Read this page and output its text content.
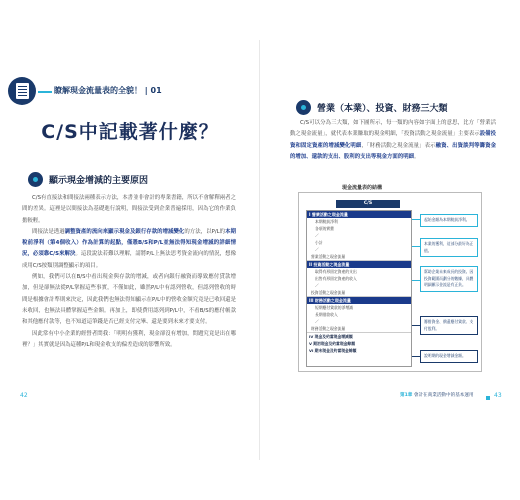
瞭解現金流量表的全貌！ | 01
C/S中記載著什麼？
顯示現金增減的主要原因

C/S有直接法和間接法兩種表示方法，本書並非會計的專業書籍，所以不會解釋兩者之間的差異。這裡是以間接法為基礎進行說明，間接法受到企業普遍採用，因為它的作業負擔較輕。

間接法是透過調整資產的流向來顯示現金及銀行存款的增減變化的方法，以P/L的本期稅前淨利（第4個收入）作為計算的起點，僅憑B/S和P/L並無法得知現金增減的詳細情況，必須靠C/S來解決。這段說法若難以理解，請將P/L上無法思考資金流向的情況，想像成用C/S按類別調整顯示的項目。

例如，我們可以在B/S中看出現金與存款的增減，或者向銀行融資而導致應付貸款增加，但是卻無法從P/L掌握這些事實，不僅如此，雖然P/L中有認列營收，但認列營收的時間是根據會計準則來決定，因此我們也無法得知顯示在P/L中的營收金額究竟是已收回還是未收回，也無法具體掌握這些金額。再加上，即使費用認列到P/L中，不看B/S的應付帳款和其他應付款等，也不知道這筆錢是否已經支付完畢、還是要到未來才要支付。

因此常有中小企業的經營者問我：「明明有獲利，現金卻沒有增加，問題究竟是出在哪裡？」其實就是因為這種P/L和現金收支的偏差造成的影響所致。

42
營業（本業）、投資、財務三大類

C/S可以分為三大類，如下圖所示，每一類的內容如字面上的意思，比方「營業活動之現金流量」，就代表本業賺取的現金明細，「投資活動之現金流量」主要表示設備投資和固定資產的增減變化明細，「財務活動之現金流量」表示融資、出資談判等籌資金的增加、還款的支出、股利的支出等現金方面的明細。

現金流量表的結構
C/S
I 營業活動之現金流量
本期稅前淨利
各項的實費
／
小計
／
營業活動之現金流量
II 投資活動之現金流量
取得有形固定資產的支出
出售有形固定資產的收入
／
投資活動之現金流量
III 財務活動之現金流量
短期應付貸款的淨增減
長期借款收入
／
財務活動之現金流量
IV 現金及約當現金增減額
V 期初現金及約當現金餘額
VI 期末現金及約當現金餘額
起始金額為本期稅前淨利。
本業的獲利，這部分最好為正值。
幫助企業未來成長的投資。因投資範圍而劃分的數據，具體明細顯示金流是有正負。
籌措資金、償還應付貸款、支付股利。
說明期的現金增減金額。
第1章 會計在商業活動中的基本運用	43
